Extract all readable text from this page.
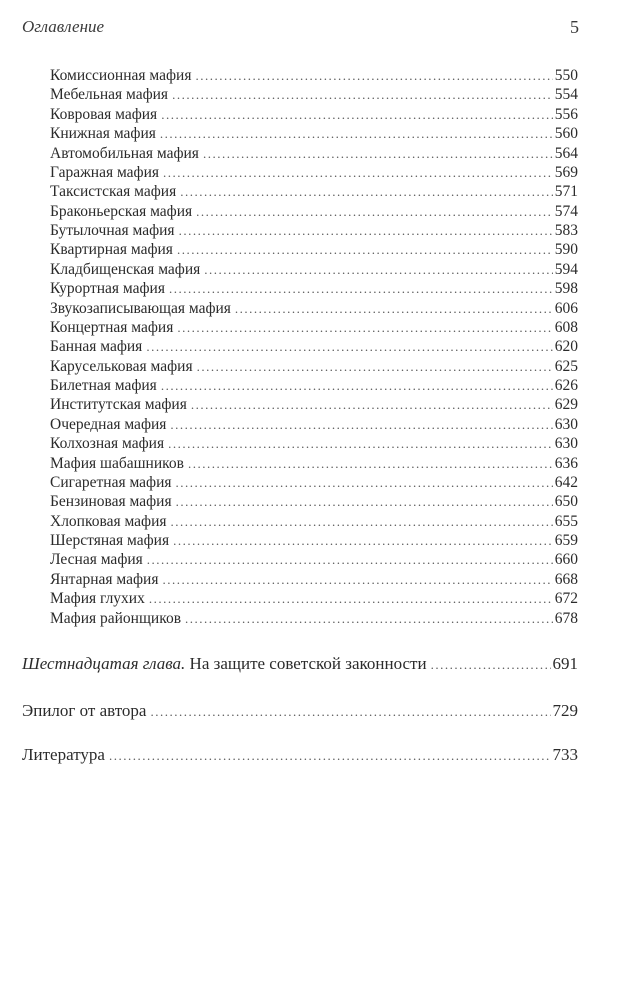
Оглавление	5
Комиссионная мафия .....	550
Мебельная мафия .....	554
Ковровая мафия .....	556
Книжная мафия .....	560
Автомобильная мафия .....	564
Гаражная мафия .....	569
Таксистская мафия .....	571
Браконьерская мафия .....	574
Бутылочная мафия .....	583
Квартирная мафия .....	590
Кладбищенская мафия .....	594
Курортная мафия .....	598
Звукозаписывающая мафия .....	606
Концертная мафия .....	608
Банная мафия .....	620
Карусельковая мафия .....	625
Билетная мафия .....	626
Институтская мафия .....	629
Очередная мафия .....	630
Колхозная мафия .....	630
Мафия шабашников .....	636
Сигаретная мафия .....	642
Бензиновая мафия .....	650
Хлопковая мафия .....	655
Шерстяная мафия .....	659
Лесная мафия .....	660
Янтарная мафия .....	668
Мафия глухих .....	672
Мафия районщиков .....	678
Шестнадцатая глава. На защите советской законности .....	691
Эпилог от автора .....	729
Литература .....	733
